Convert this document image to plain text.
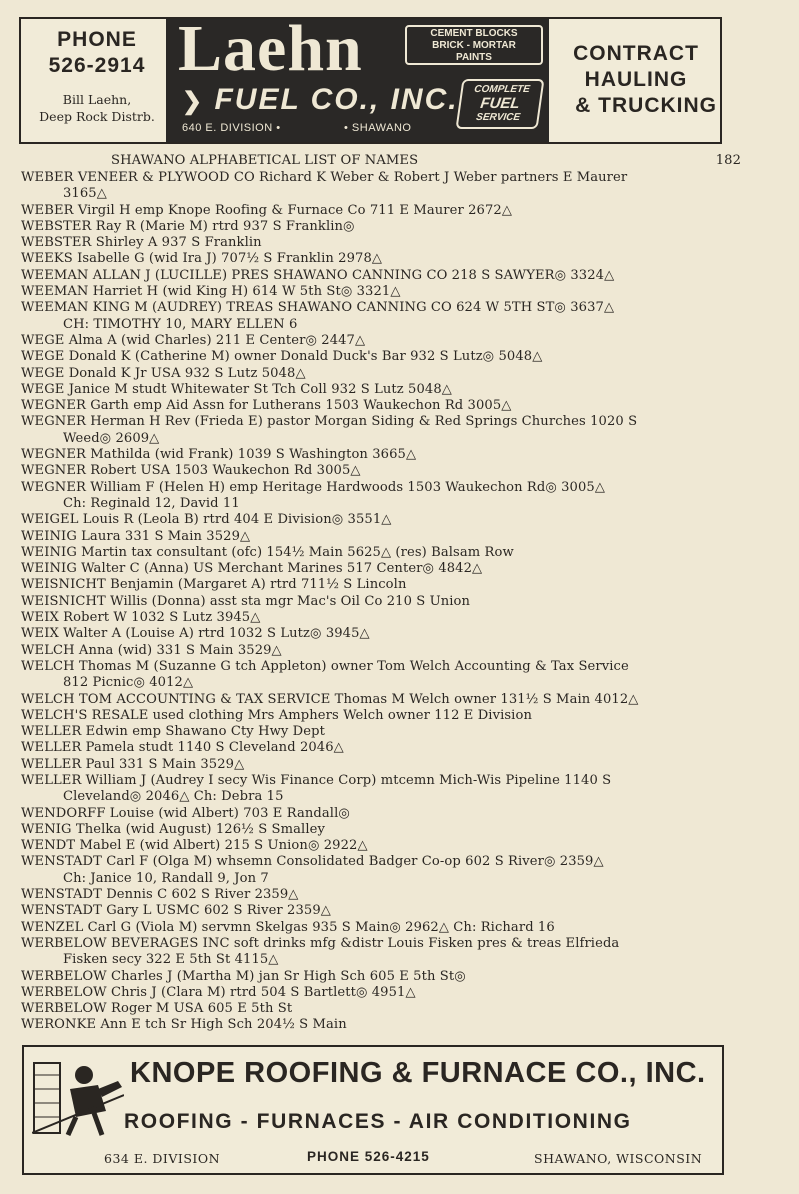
PHONE
526-2914
Bill Laehn,
Deep Rock Distrb.
Laehn	CEMENT BLOCKS
BRICK - MORTAR
PAINTS
❯ FUEL CO., INC.
640 E. DIVISION •	• SHAWANO
COMPLETE
FUEL
SERVICE
CONTRACT
HAULING
& TRUCKING
SHAWANO ALPHABETICAL LIST OF NAMES	182
WEBER VENEER & PLYWOOD CO Richard K Weber & Robert J Weber partners E Maurer
3165△
WEBER Virgil H emp Knope Roofing & Furnace Co 711 E Maurer 2672△
WEBSTER Ray R (Marie M) rtrd 937 S Franklin◎
WEBSTER Shirley A 937 S Franklin
WEEKS Isabelle G (wid Ira J) 707½ S Franklin 2978△
WEEMAN ALLAN J (LUCILLE) PRES SHAWANO CANNING CO 218 S SAWYER◎ 3324△
WEEMAN Harriet H (wid King H) 614 W 5th St◎ 3321△
WEEMAN KING M (AUDREY) TREAS SHAWANO CANNING CO 624 W 5TH ST◎ 3637△
CH: TIMOTHY 10, MARY ELLEN 6
WEGE Alma A (wid Charles) 211 E Center◎ 2447△
WEGE Donald K (Catherine M) owner Donald Duck's Bar 932 S Lutz◎ 5048△
WEGE Donald K Jr USA 932 S Lutz 5048△
WEGE Janice M studt Whitewater St Tch Coll 932 S Lutz 5048△
WEGNER Garth emp Aid Assn for Lutherans 1503 Waukechon Rd 3005△
WEGNER Herman H Rev (Frieda E) pastor Morgan Siding & Red Springs Churches 1020 S
Weed◎ 2609△
WEGNER Mathilda (wid Frank) 1039 S Washington 3665△
WEGNER Robert USA 1503 Waukechon Rd 3005△
WEGNER William F (Helen H) emp Heritage Hardwoods 1503 Waukechon Rd◎ 3005△
Ch: Reginald 12, David 11
WEIGEL Louis R (Leola B) rtrd 404 E Division◎ 3551△
WEINIG Laura 331 S Main 3529△
WEINIG Martin tax consultant (ofc) 154½ Main 5625△ (res) Balsam Row
WEINIG Walter C (Anna) US Merchant Marines 517 Center◎ 4842△
WEISNICHT Benjamin (Margaret A) rtrd 711½ S Lincoln
WEISNICHT Willis (Donna) asst sta mgr Mac's Oil Co 210 S Union
WEIX Robert W 1032 S Lutz 3945△
WEIX Walter A (Louise A) rtrd 1032 S Lutz◎ 3945△
WELCH Anna (wid) 331 S Main 3529△
WELCH Thomas M (Suzanne G tch Appleton) owner Tom Welch Accounting & Tax Service
812 Picnic◎ 4012△
WELCH TOM ACCOUNTING & TAX SERVICE Thomas M Welch owner 131½ S Main 4012△
WELCH'S RESALE used clothing Mrs Amphers Welch owner 112 E Division
WELLER Edwin emp Shawano Cty Hwy Dept
WELLER Pamela studt 1140 S Cleveland 2046△
WELLER Paul 331 S Main 3529△
WELLER William J (Audrey I secy Wis Finance Corp) mtcemn Mich-Wis Pipeline 1140 S
Cleveland◎ 2046△ Ch: Debra 15
WENDORFF Louise (wid Albert) 703 E Randall◎
WENIG Thelka (wid August) 126½ S Smalley
WENDT Mabel E (wid Albert) 215 S Union◎ 2922△
WENSTADT Carl F (Olga M) whsemn Consolidated Badger Co-op 602 S River◎ 2359△
Ch: Janice 10, Randall 9, Jon 7
WENSTADT Dennis C 602 S River 2359△
WENSTADT Gary L USMC 602 S River 2359△
WENZEL Carl G (Viola M) servmn Skelgas 935 S Main◎ 2962△ Ch: Richard 16
WERBELOW BEVERAGES INC soft drinks mfg &distr Louis Fisken pres & treas Elfrieda
Fisken secy 322 E 5th St 4115△
WERBELOW Charles J (Martha M) jan Sr High Sch 605 E 5th St◎
WERBELOW Chris J (Clara M) rtrd 504 S Bartlett◎ 4951△
WERBELOW Roger M USA 605 E 5th St
WERONKE Ann E tch Sr High Sch 204½ S Main
KNOPE ROOFING & FURNACE CO., INC.
ROOFING - FURNACES - AIR CONDITIONING
634 E. DIVISION	PHONE 526-4215	SHAWANO, WISCONSIN
